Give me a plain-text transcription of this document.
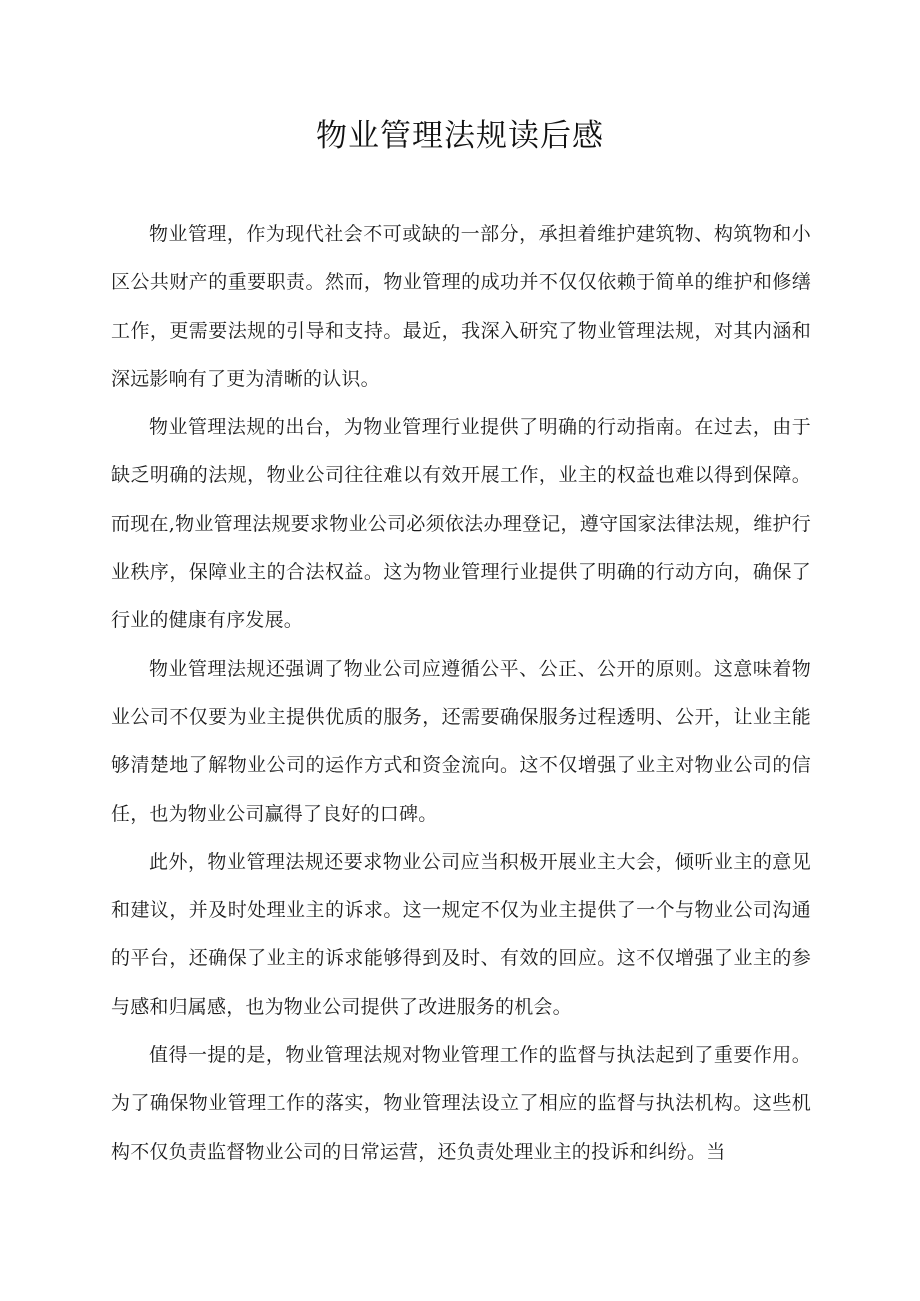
物业管理法规读后感

物业管理，作为现代社会不可或缺的一部分，承担着维护建筑物、构筑物和小区公共财产的重要职责。然而，物业管理的成功并不仅仅依赖于简单的维护和修缮工作，更需要法规的引导和支持。最近，我深入研究了物业管理法规，对其内涵和深远影响有了更为清晰的认识。

物业管理法规的出台，为物业管理行业提供了明确的行动指南。在过去，由于缺乏明确的法规，物业公司往往难以有效开展工作，业主的权益也难以得到保障。而现在,物业管理法规要求物业公司必须依法办理登记，遵守国家法律法规，维护行业秩序，保障业主的合法权益。这为物业管理行业提供了明确的行动方向，确保了行业的健康有序发展。

物业管理法规还强调了物业公司应遵循公平、公正、公开的原则。这意味着物业公司不仅要为业主提供优质的服务，还需要确保服务过程透明、公开，让业主能够清楚地了解物业公司的运作方式和资金流向。这不仅增强了业主对物业公司的信任，也为物业公司赢得了良好的口碑。

此外，物业管理法规还要求物业公司应当积极开展业主大会，倾听业主的意见和建议，并及时处理业主的诉求。这一规定不仅为业主提供了一个与物业公司沟通的平台，还确保了业主的诉求能够得到及时、有效的回应。这不仅增强了业主的参与感和归属感，也为物业公司提供了改进服务的机会。

值得一提的是，物业管理法规对物业管理工作的监督与执法起到了重要作用。为了确保物业管理工作的落实，物业管理法设立了相应的监督与执法机构。这些机构不仅负责监督物业公司的日常运营，还负责处理业主的投诉和纠纷。当
